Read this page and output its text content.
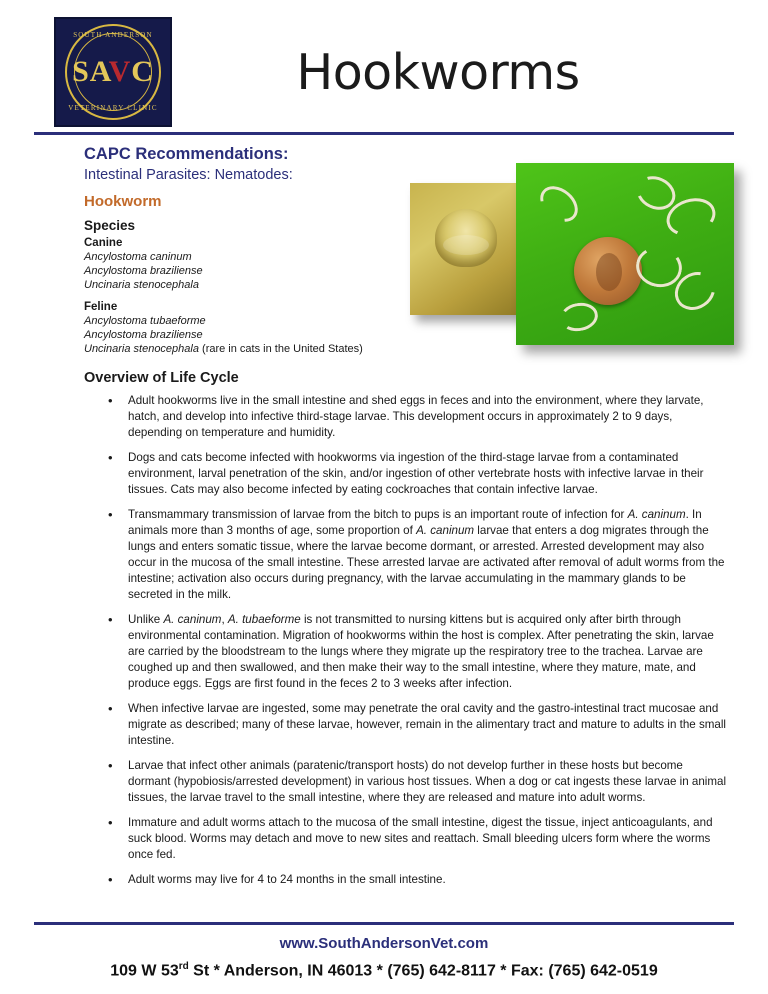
SOUTH ANDERSON
SAVC
VETERINARY CLINIC
Hookworms
CAPC Recommendations:
Intestinal Parasites: Nematodes:
Hookworm
Species
Canine
Ancylostoma caninum
Ancylostoma braziliense
Uncinaria stenocephala
Feline
Ancylostoma tubaeforme
Ancylostoma braziliense
Uncinaria stenocephala (rare in cats in the United States)
Overview of Life Cycle
• Adult hookworms live in the small intestine and shed eggs in feces and into the environment, where they larvate, hatch, and develop into infective third-stage larvae. This development occurs in approximately 2 to 9 days, depending on temperature and humidity.
• Dogs and cats become infected with hookworms via ingestion of the third-stage larvae from a contaminated environment, larval penetration of the skin, and/or ingestion of other vertebrate hosts with infective larvae in their tissues. Cats may also become infected by eating cockroaches that contain infective larvae.
• Transmammary transmission of larvae from the bitch to pups is an important route of infection for A. caninum. In animals more than 3 months of age, some proportion of A. caninum larvae that enters a dog migrates through the lungs and enters somatic tissue, where the larvae become dormant, or arrested. Arrested development may also occur in the mucosa of the small intestine. These arrested larvae are activated after removal of adult worms from the intestine; activation also occurs during pregnancy, with the larvae accumulating in the mammary glands to be secreted in the milk.
• Unlike A. caninum, A. tubaeforme is not transmitted to nursing kittens but is acquired only after birth through environmental contamination. Migration of hookworms within the host is complex. After penetrating the skin, larvae are carried by the bloodstream to the lungs where they migrate up the respiratory tree to the trachea. Larvae are coughed up and then swallowed, and then make their way to the small intestine, where they mature, mate, and produce eggs. Eggs are first found in the feces 2 to 3 weeks after infection.
• When infective larvae are ingested, some may penetrate the oral cavity and the gastro-intestinal tract mucosae and migrate as described; many of these larvae, however, remain in the alimentary tract and mature to adults in the small intestine.
• Larvae that infect other animals (paratenic/transport hosts) do not develop further in these hosts but become dormant (hypobiosis/arrested development) in various host tissues. When a dog or cat ingests these larvae in animal tissues, the larvae travel to the small intestine, where they are released and mature into adult worms.
• Immature and adult worms attach to the mucosa of the small intestine, digest the tissue, inject anticoagulants, and suck blood. Worms may detach and move to new sites and reattach. Small bleeding ulcers form where the worms once fed.
• Adult worms may live for 4 to 24 months in the small intestine.
www.SouthAndersonVet.com
109 W 53rd St * Anderson, IN 46013 * (765) 642-8117 * Fax: (765) 642-0519
